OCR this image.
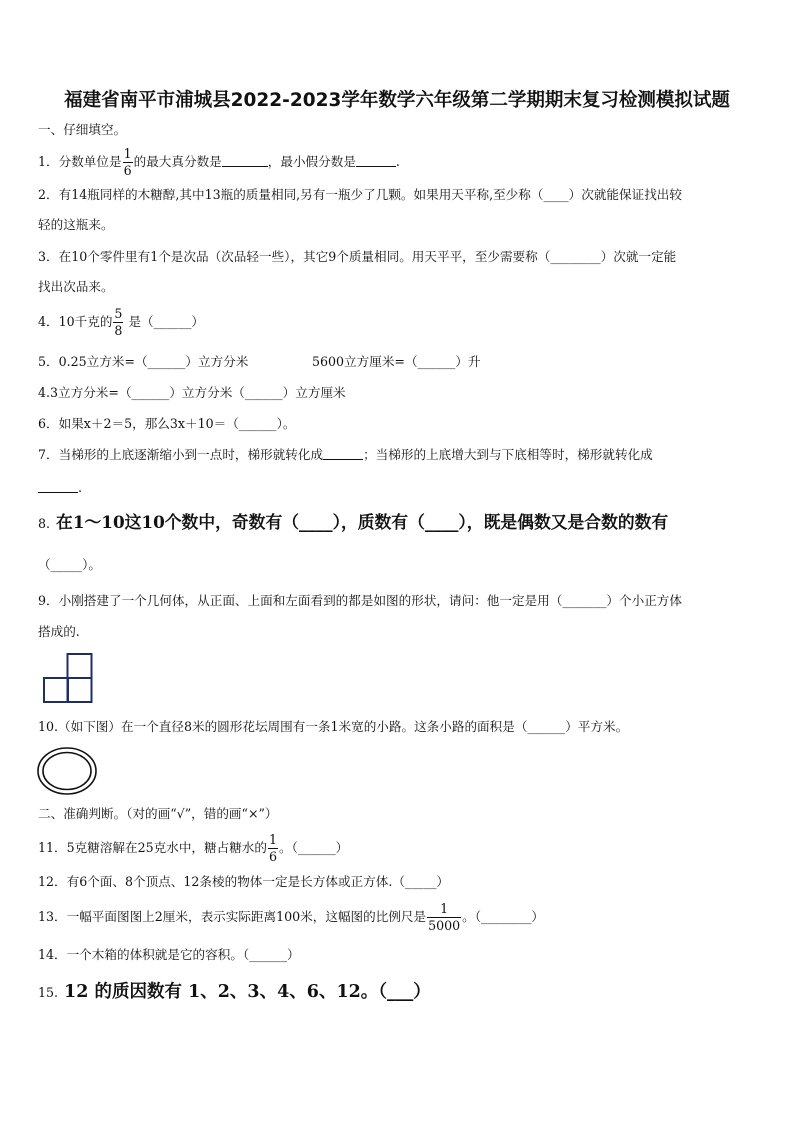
福建省南平市浦城县2022-2023学年数学六年级第二学期期末复习检测模拟试题
一、仔细填空。
1．分数单位是 $\frac{1}{6}$ 的最大真分数是	，最小假分数是	.
2．有14瓶同样的木糖醇,其中13瓶的质量相同,另有一瓶少了几颗。如果用天平称,至少称（____）次就能保证找出较
轻的这瓶来。
3．在10个零件里有1个是次品（次品轻一些），其它9个质量相同。用天平平，至少需要称（________）次就一定能
找出次品来。
4．10千克的 $\frac{5}{8}$ 是（______）
5．0.25立方米=（______）立方分米	5600立方厘米=（______）升
4.3立方分米=（______）立方分米（______）立方厘米
6．如果x＋2＝5，那么3x＋10＝（______）。
7．当梯形的上底逐渐缩小到一点时，梯形就转化成	；当梯形的上底增大到与下底相等时，梯形就转化成
.
8. 在1～10这10个数中，奇数有（____），质数有（____），既是偶数又是合数的数有
（_____）。
9．小刚搭建了一个几何体，从正面、上面和左面看到的都是如图的形状，请问：他一定是用（_______）个小正方体
搭成的.
10.（如下图）在一个直径8米的圆形花坛周围有一条1米宽的小路。这条小路的面积是（______）平方米。
二、准确判断。（对的画“√”，错的画“×”）
11．5克糖溶解在25克水中，糖占糖水的 $\frac{1}{6}$ 。（______）
12．有6个面、8个顶点、12条棱的物体一定是长方体或正方体.（_____）
13．一幅平面图图上2厘米，表示实际距离100米，这幅图的比例尺是 $\frac{1}{5000}$ 。（________）
14．一个木箱的体积就是它的容积。（______）
15. 12 的质因数有 1、2、3、4、6、12。（___）
